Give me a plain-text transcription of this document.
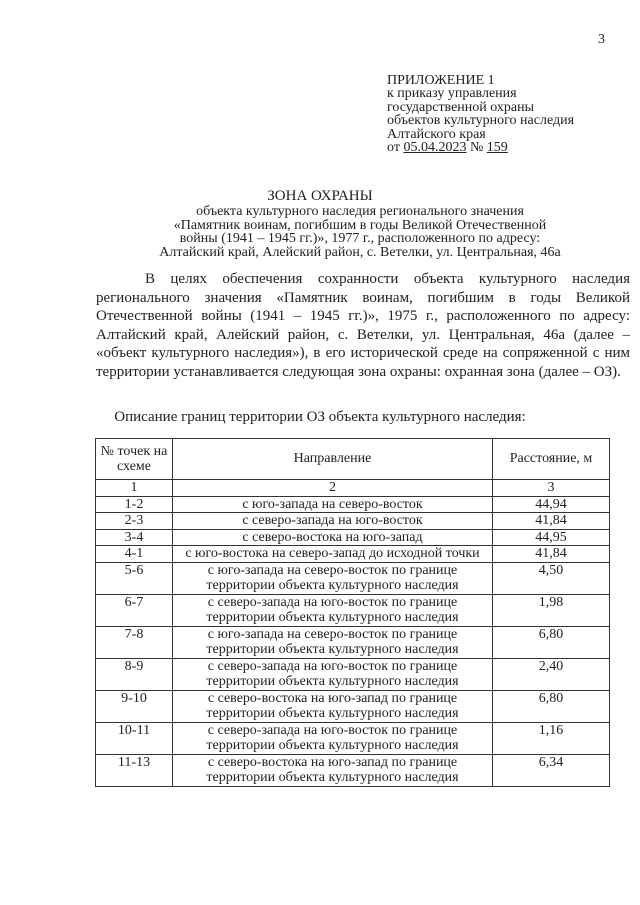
3
ПРИЛОЖЕНИЕ 1
к приказу управления
государственной охраны
объектов культурного наследия
Алтайского края
от 05.04.2023 № 159
ЗОНА ОХРАНЫ
объекта культурного наследия регионального значения
«Памятник воинам, погибшим в годы Великой Отечественной
войны (1941 – 1945 гг.)», 1977 г., расположенного по адресу:
Алтайский край, Алейский район, с. Ветелки, ул. Центральная, 46а
В целях обеспечения сохранности объекта культурного наследия регионального значения «Памятник воинам, погибшим в годы Великой Отечественной войны (1941 – 1945 гг.)», 1975 г., расположенного по адресу: Алтайский край, Алейский район, с. Ветелки, ул. Центральная, 46а (далее – «объект культурного наследия»), в его исторической среде на сопряженной с ним территории устанавливается следующая зона охраны: охранная зона (далее – ОЗ).
Описание границ территории ОЗ объекта культурного наследия:
№ точек на схеме	Направление	Расстояние, м
1	2	3
1-2	с юго-запада на северо-восток	44,94
2-3	с северо-запада на юго-восток	41,84
3-4	с северо-востока на юго-запад	44,95
4-1	с юго-востока на северо-запад до исходной точки	41,84
5-6	с юго-запада на северо-восток по границе территории объекта культурного наследия	4,50
6-7	с северо-запада на юго-восток по границе территории объекта культурного наследия	1,98
7-8	с юго-запада на северо-восток по границе территории объекта культурного наследия	6,80
8-9	с северо-запада на юго-восток по границе территории объекта культурного наследия	2,40
9-10	с северо-востока на юго-запад по границе территории объекта культурного наследия	6,80
10-11	с северо-запада на юго-восток по границе территории объекта культурного наследия	1,16
11-13	с северо-востока на юго-запад по границе территории объекта культурного наследия	6,34
